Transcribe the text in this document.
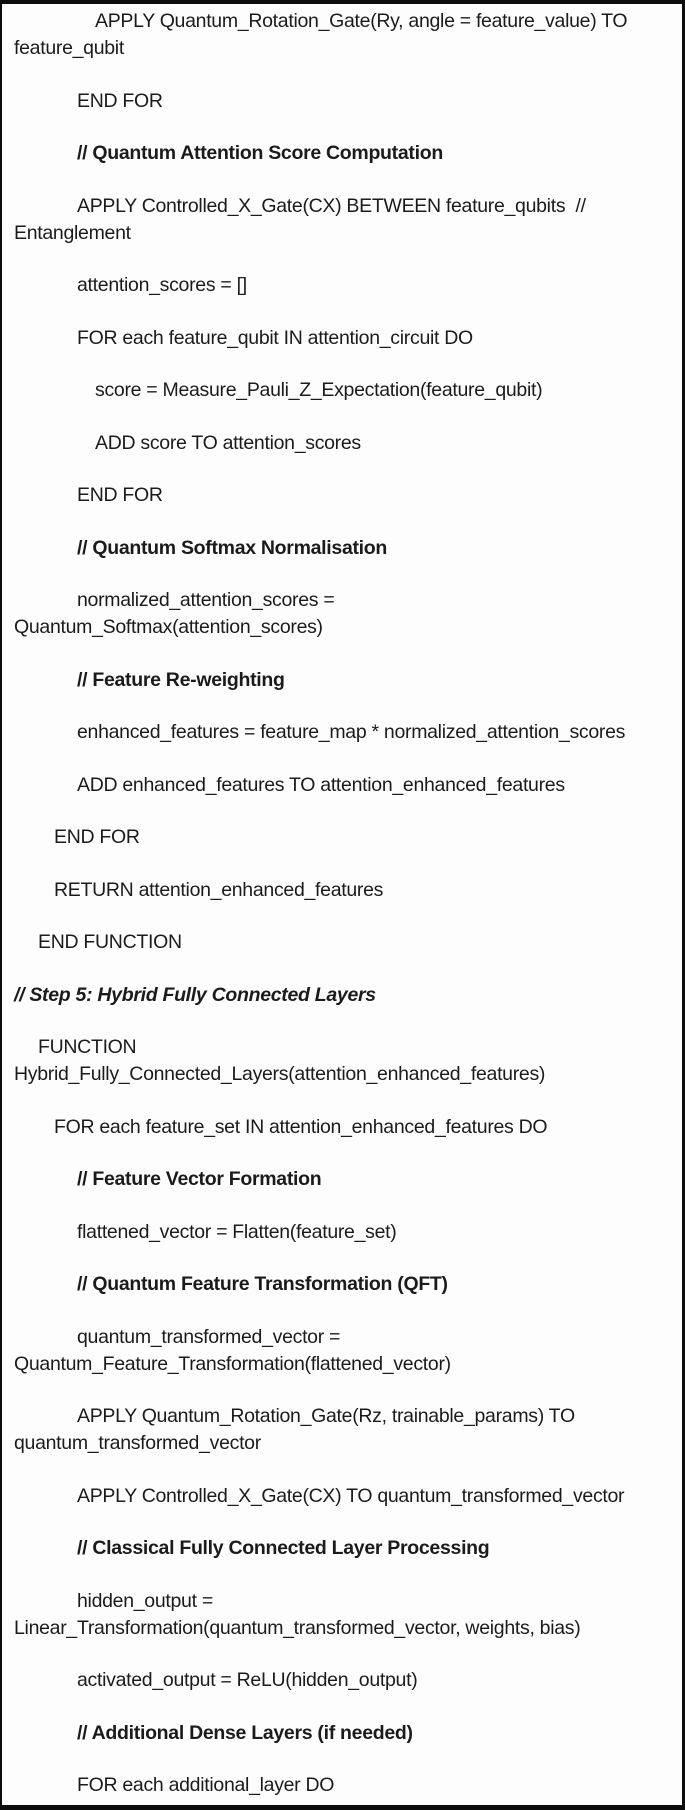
APPLY Quantum_Rotation_Gate(Ry, angle = feature_value) TO
feature_qubit
END FOR
// Quantum Attention Score Computation
APPLY Controlled_X_Gate(CX) BETWEEN feature_qubits  //
Entanglement
attention_scores = []
FOR each feature_qubit IN attention_circuit DO
score = Measure_Pauli_Z_Expectation(feature_qubit)
ADD score TO attention_scores
END FOR
// Quantum Softmax Normalisation
normalized_attention_scores =
Quantum_Softmax(attention_scores)
// Feature Re-weighting
enhanced_features = feature_map * normalized_attention_scores
ADD enhanced_features TO attention_enhanced_features
END FOR
RETURN attention_enhanced_features
END FUNCTION
// Step 5: Hybrid Fully Connected Layers
FUNCTION
Hybrid_Fully_Connected_Layers(attention_enhanced_features)
FOR each feature_set IN attention_enhanced_features DO
// Feature Vector Formation
flattened_vector = Flatten(feature_set)
// Quantum Feature Transformation (QFT)
quantum_transformed_vector =
Quantum_Feature_Transformation(flattened_vector)
APPLY Quantum_Rotation_Gate(Rz, trainable_params) TO
quantum_transformed_vector
APPLY Controlled_X_Gate(CX) TO quantum_transformed_vector
// Classical Fully Connected Layer Processing
hidden_output =
Linear_Transformation(quantum_transformed_vector, weights, bias)
activated_output = ReLU(hidden_output)
// Additional Dense Layers (if needed)
FOR each additional_layer DO
